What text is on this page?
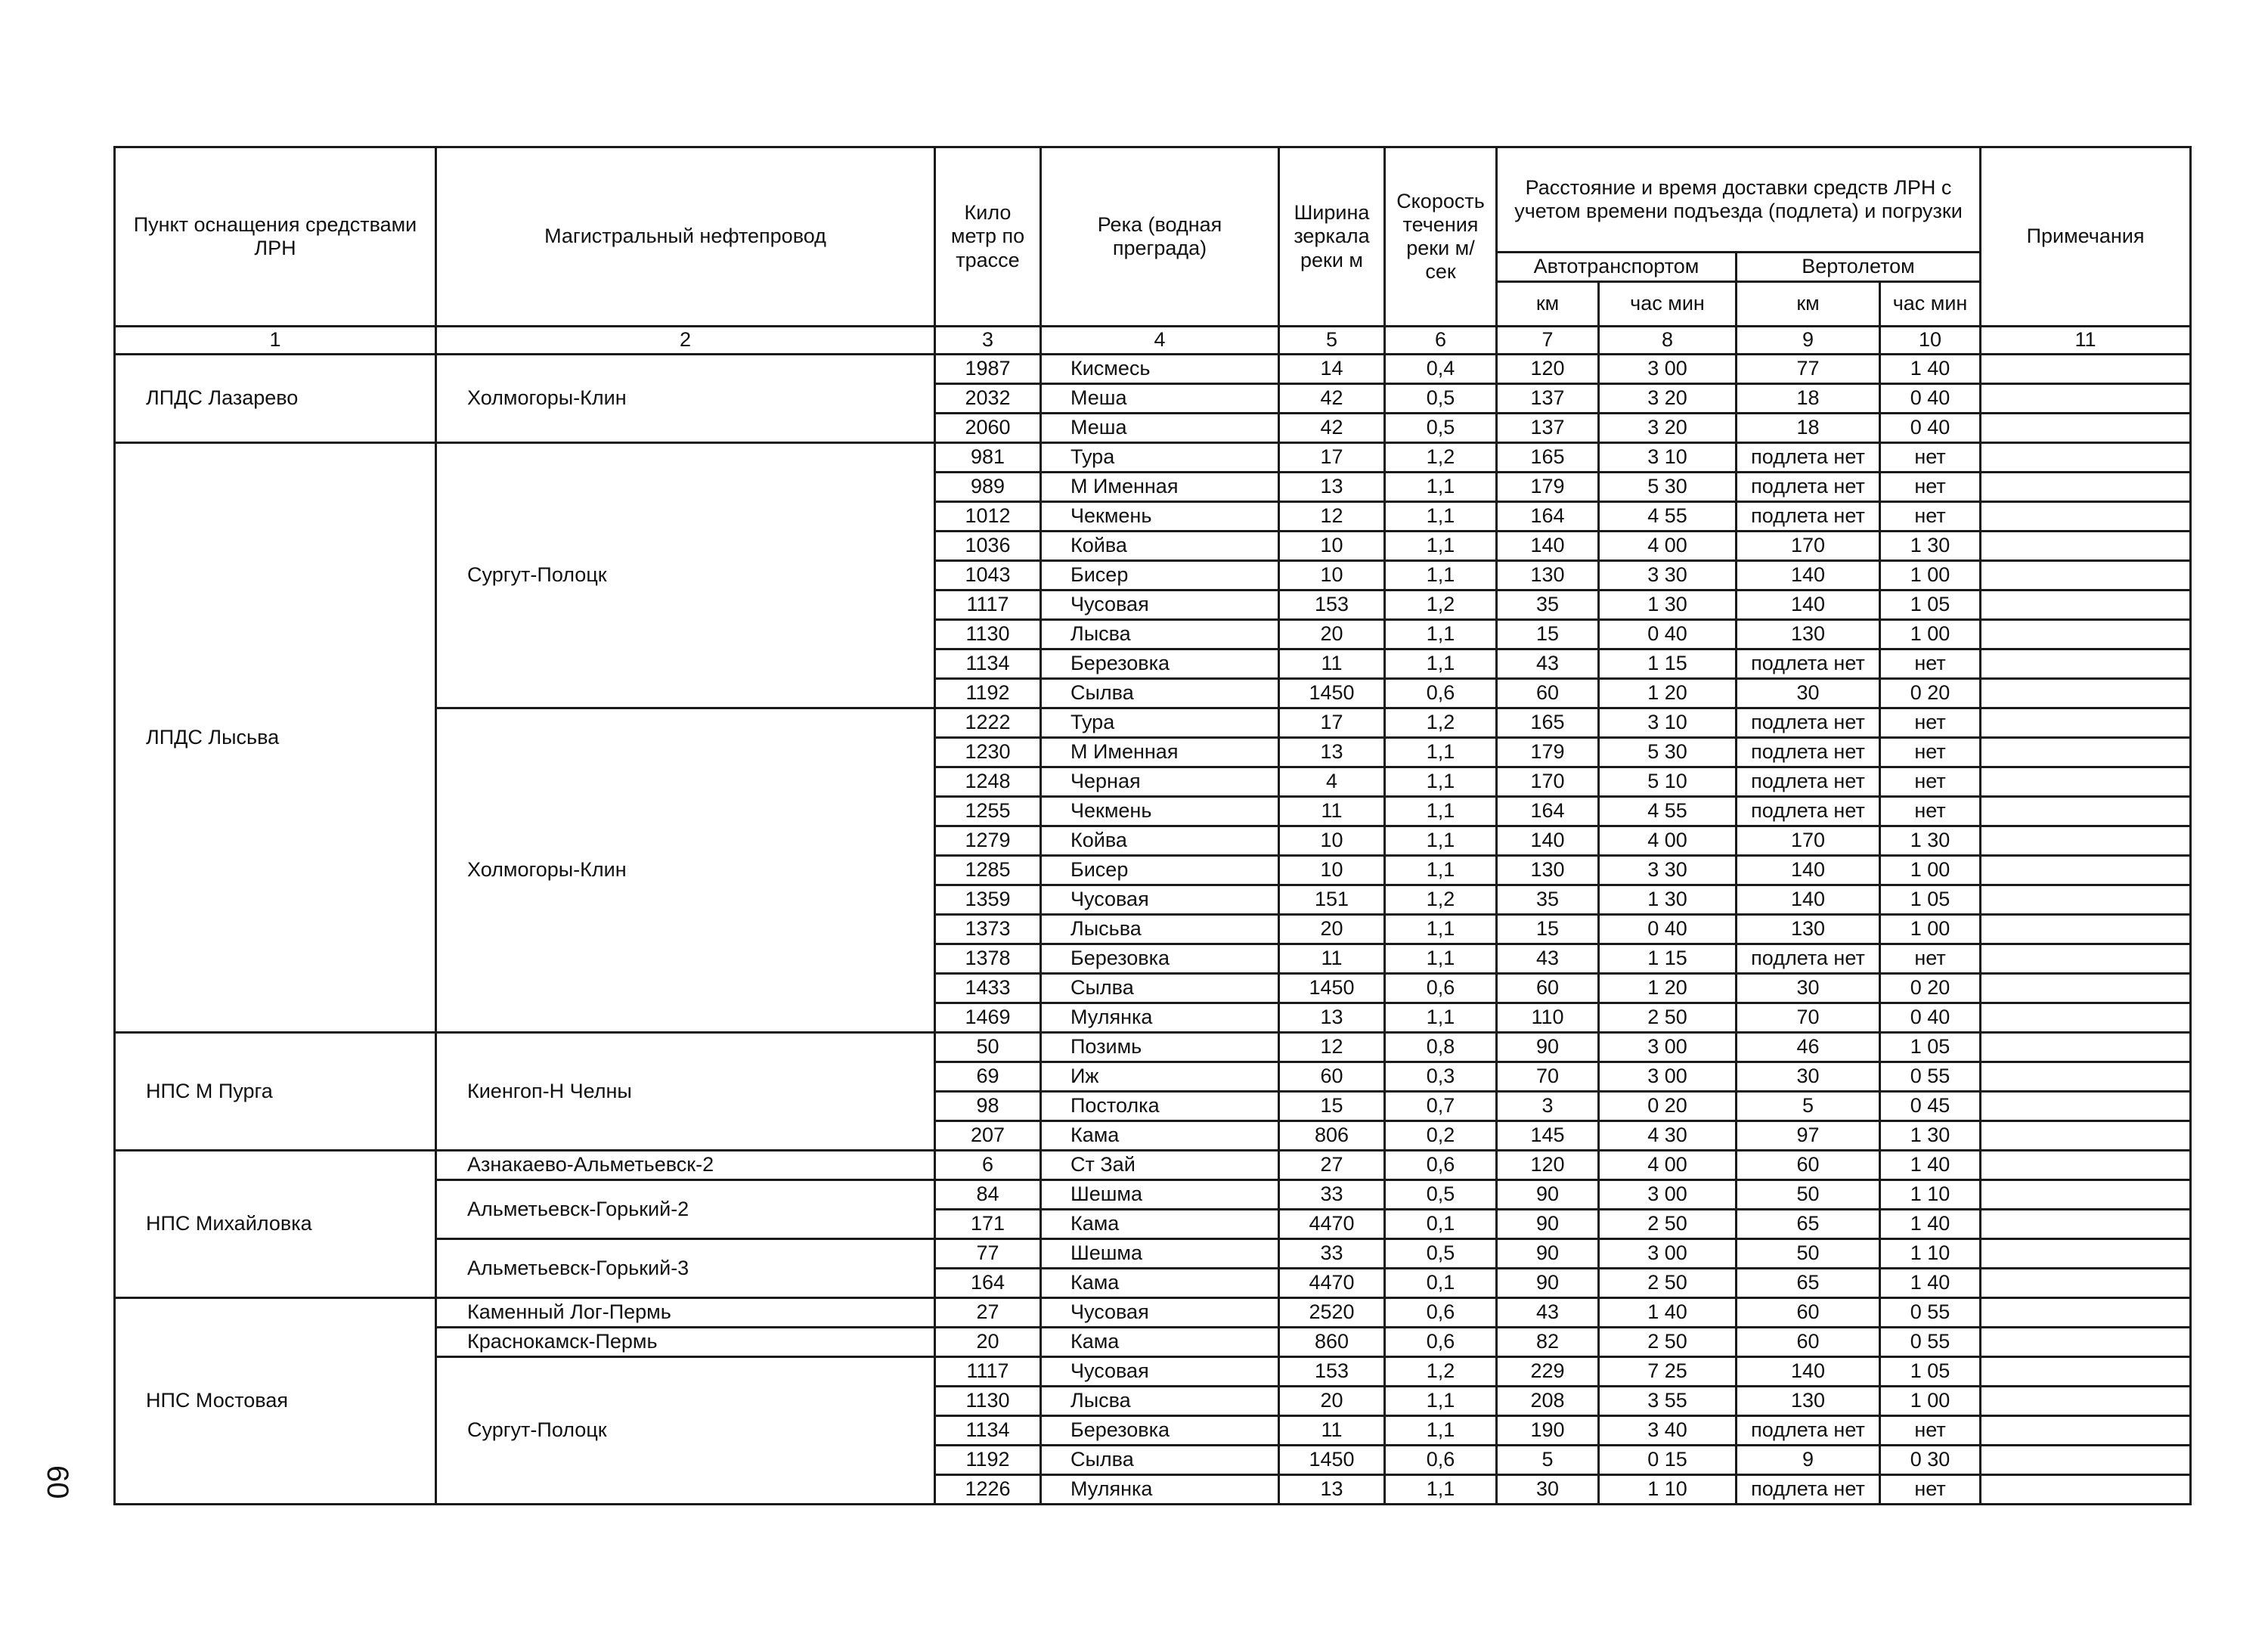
60
Пункт оснащения средствами ЛРН	Магистральный нефтепровод	Кило метр по трассе	Река (водная преграда)	Ширина зеркала реки м	Скорость течения реки м/сек	Расстояние и время доставки средств ЛРН с учетом времени подъезда (подлета) и погрузки				Примечания
						Автотранспортом		Вертолетом		
						км	час мин	км	час мин	
1	2	3	4	5	6	7	8	9	10	11
ЛПДС Лазарево	Холмогоры-Клин	1987	Кисмесь	14	0,4	120	3 00	77	1 40	
		2032	Меша	42	0,5	137	3 20	18	0 40	
		2060	Меша	42	0,5	137	3 20	18	0 40	
ЛПДС Лысьва	Сургут-Полоцк	981	Тура	17	1,2	165	3 10	подлета нет	нет	
		989	М Именная	13	1,1	179	5 30	подлета нет	нет	
		1012	Чекмень	12	1,1	164	4 55	подлета нет	нет	
		1036	Койва	10	1,1	140	4 00	170	1 30	
		1043	Бисер	10	1,1	130	3 30	140	1 00	
		1117	Чусовая	153	1,2	35	1 30	140	1 05	
		1130	Лысва	20	1,1	15	0 40	130	1 00	
		1134	Березовка	11	1,1	43	1 15	подлета нет	нет	
		1192	Сылва	1450	0,6	60	1 20	30	0 20	
	Холмогоры-Клин	1222	Тура	17	1,2	165	3 10	подлета нет	нет	
		1230	М Именная	13	1,1	179	5 30	подлета нет	нет	
		1248	Черная	4	1,1	170	5 10	подлета нет	нет	
		1255	Чекмень	11	1,1	164	4 55	подлета нет	нет	
		1279	Койва	10	1,1	140	4 00	170	1 30	
		1285	Бисер	10	1,1	130	3 30	140	1 00	
		1359	Чусовая	151	1,2	35	1 30	140	1 05	
		1373	Лысьва	20	1,1	15	0 40	130	1 00	
		1378	Березовка	11	1,1	43	1 15	подлета нет	нет	
		1433	Сылва	1450	0,6	60	1 20	30	0 20	
		1469	Мулянка	13	1,1	110	2 50	70	0 40	
НПС М Пурга	Киенгоп-Н Челны	50	Позимь	12	0,8	90	3 00	46	1 05	
		69	Иж	60	0,3	70	3 00	30	0 55	
		98	Постолка	15	0,7	3	0 20	5	0 45	
		207	Кама	806	0,2	145	4 30	97	1 30	
НПС Михайловка	Азнакаево-Альметьевск-2	6	Ст Зай	27	0,6	120	4 00	60	1 40	
	Альметьевск-Горький-2	84	Шешма	33	0,5	90	3 00	50	1 10	
		171	Кама	4470	0,1	90	2 50	65	1 40	
	Альметьевск-Горький-3	77	Шешма	33	0,5	90	3 00	50	1 10	
		164	Кама	4470	0,1	90	2 50	65	1 40	
НПС Мостовая	Каменный Лог-Пермь	27	Чусовая	2520	0,6	43	1 40	60	0 55	
	Краснокамск-Пермь	20	Кама	860	0,6	82	2 50	60	0 55	
	Сургут-Полоцк	1117	Чусовая	153	1,2	229	7 25	140	1 05	
		1130	Лысва	20	1,1	208	3 55	130	1 00	
		1134	Березовка	11	1,1	190	3 40	подлета нет	нет	
		1192	Сылва	1450	0,6	5	0 15	9	0 30	
		1226	Мулянка	13	1,1	30	1 10	подлета нет	нет	
